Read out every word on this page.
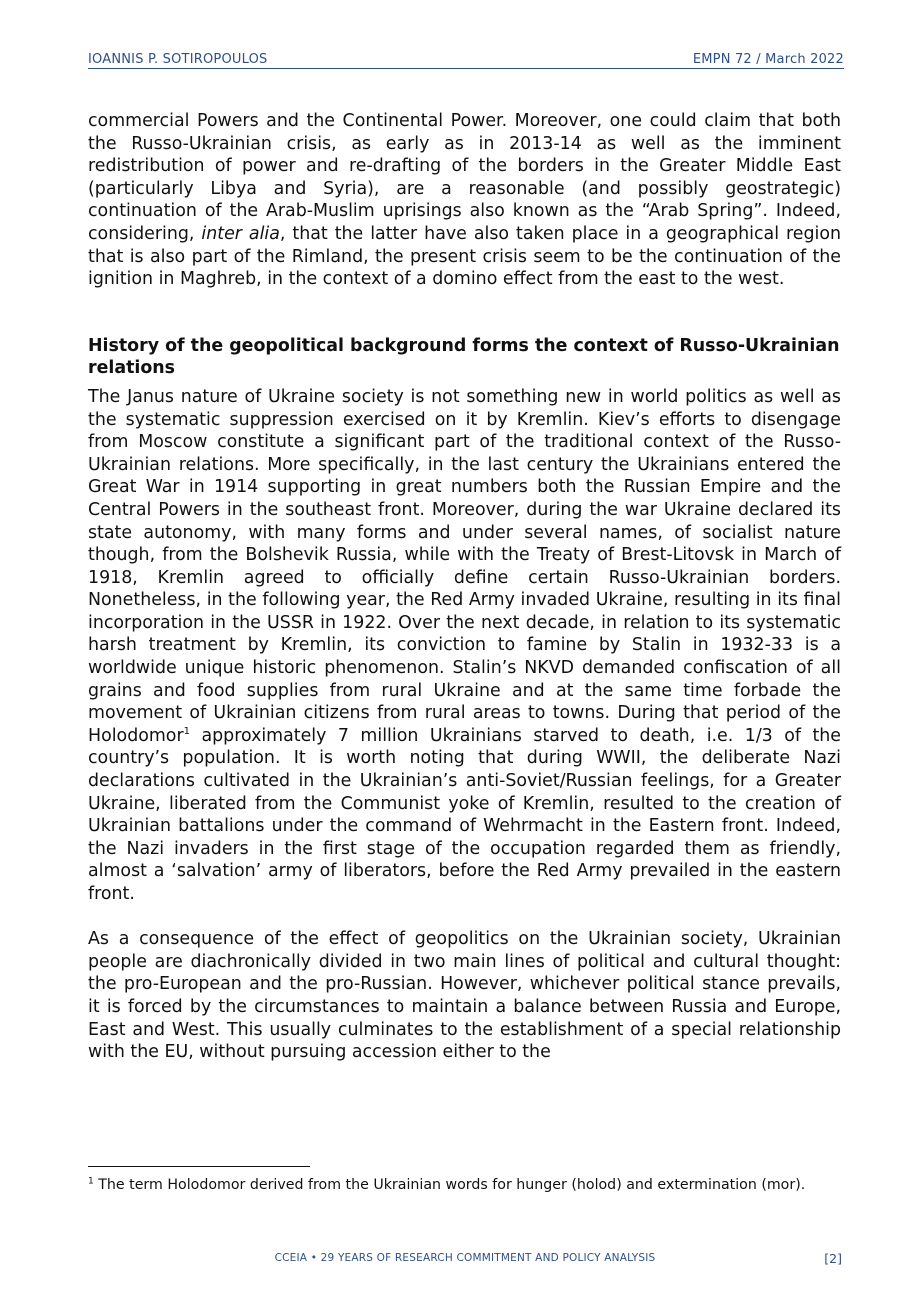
IOANNIS P. SOTIROPOULOS	EMPN 72 / March 2022

commercial Powers and the Continental Power. Moreover, one could claim that both the Russo-Ukrainian crisis, as early as in 2013-14 as well as the imminent redistribution of power and re-drafting of the borders in the Greater Middle East (particularly Libya and Syria), are a reasonable (and possibly geostrategic) continuation of the Arab-Muslim uprisings also known as the “Arab Spring”. Indeed, considering, inter alia, that the latter have also taken place in a geographical region that is also part of the Rimland, the present crisis seem to be the continuation of the ignition in Maghreb, in the context of a domino effect from the east to the west.

History of the geopolitical background forms the context of Russo-Ukrainian relations

The Janus nature of Ukraine society is not something new in world politics as well as the systematic suppression exercised on it by Kremlin. Kiev’s efforts to disengage from Moscow constitute a significant part of the traditional context of the Russo-Ukrainian relations. More specifically, in the last century the Ukrainians entered the Great War in 1914 supporting in great numbers both the Russian Empire and the Central Powers in the southeast front. Moreover, during the war Ukraine declared its state autonomy, with many forms and under several names, of socialist nature though, from the Bolshevik Russia, while with the Treaty of Brest-Litovsk in March of 1918, Kremlin agreed to officially define certain Russo-Ukrainian borders. Nonetheless, in the following year, the Red Army invaded Ukraine, resulting in its final incorporation in the USSR in 1922. Over the next decade, in relation to its systematic harsh treatment by Kremlin, its conviction to famine by Stalin in 1932-33 is a worldwide unique historic phenomenon. Stalin’s NKVD demanded confiscation of all grains and food supplies from rural Ukraine and at the same time forbade the movement of Ukrainian citizens from rural areas to towns. During that period of the Holodomor$^1$ approximately 7 million Ukrainians starved to death, i.e. 1/3 of the country’s population. It is worth noting that during WWII, the deliberate Nazi declarations cultivated in the Ukrainian’s anti-Soviet/Russian feelings, for a Greater Ukraine, liberated from the Communist yoke of Kremlin, resulted to the creation of Ukrainian battalions under the command of Wehrmacht in the Eastern front. Indeed, the Nazi invaders in the first stage of the occupation regarded them as friendly, almost a ‘salvation’ army of liberators, before the Red Army prevailed in the eastern front.

As a consequence of the effect of geopolitics on the Ukrainian society, Ukrainian people are diachronically divided in two main lines of political and cultural thought: the pro-European and the pro-Russian. However, whichever political stance prevails, it is forced by the circumstances to maintain a balance between Russia and Europe, East and West. This usually culminates to the establishment of a special relationship with the EU, without pursuing accession either to the

$^1$ The term Holodomor derived from the Ukrainian words for hunger (holod) and extermination (mor).
CCEIA • 29 YEARS OF RESEARCH COMMITMENT AND POLICY ANALYSIS	[2]
